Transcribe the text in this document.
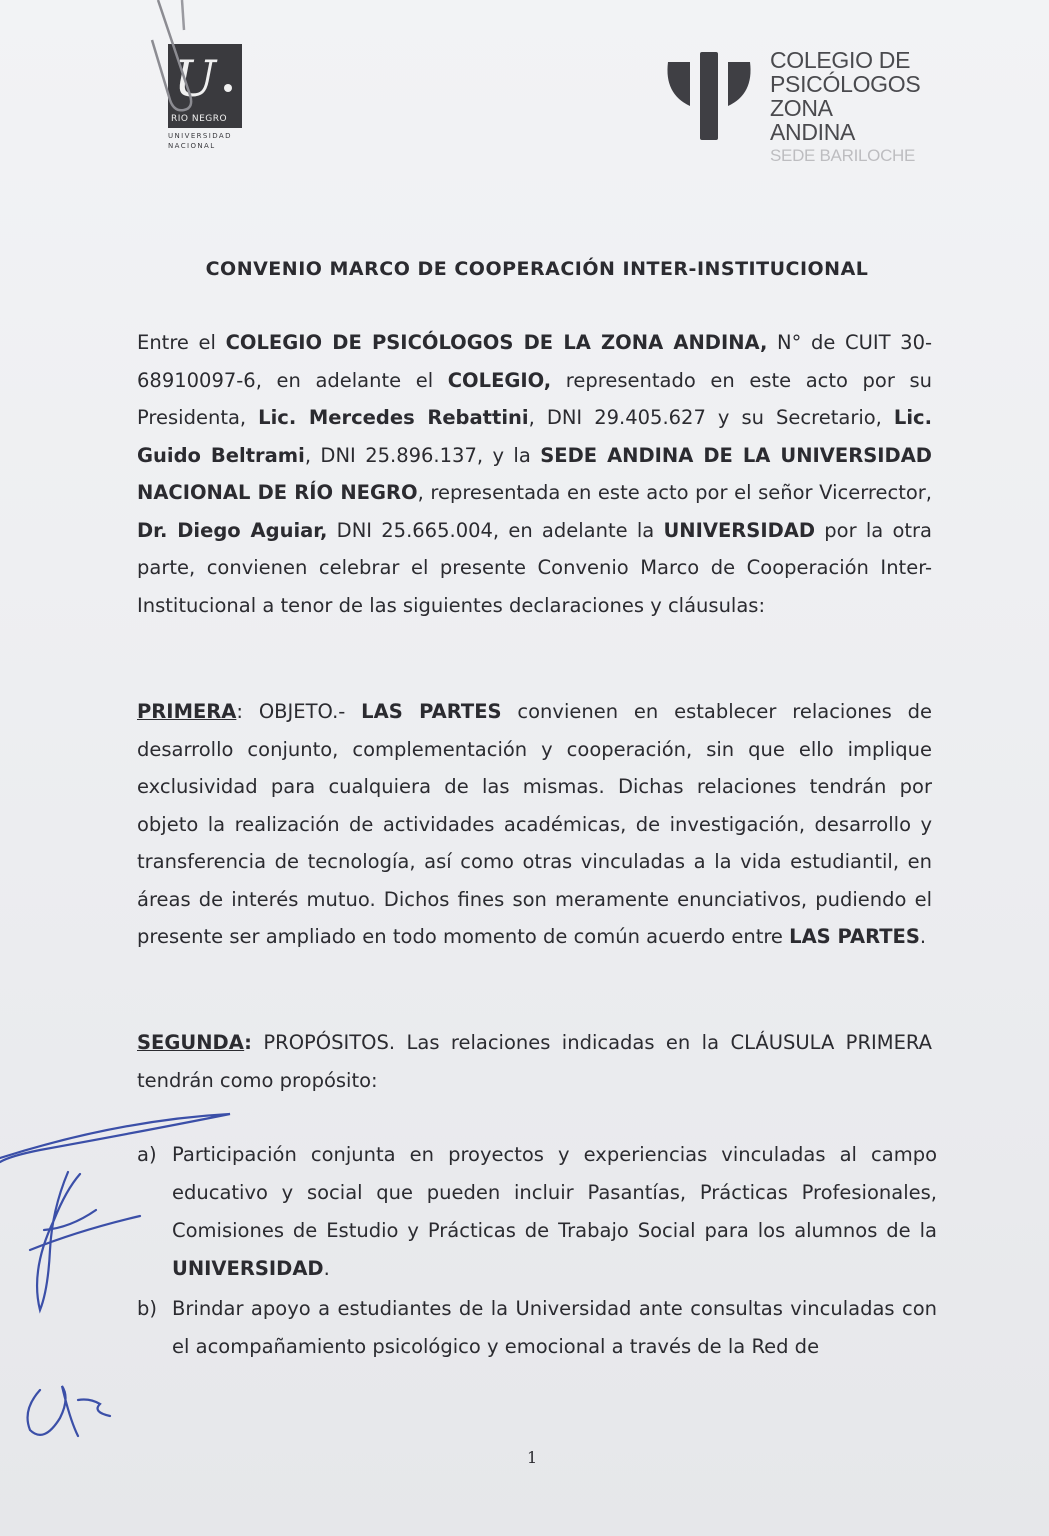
U
RIO NEGRO
UNIVERSIDAD
NACIONAL
COLEGIO DE
PSICÓLOGOS
ZONA ANDINA
SEDE BARILOCHE
CONVENIO MARCO DE COOPERACIÓN INTER-INSTITUCIONAL
Entre el COLEGIO DE PSICÓLOGOS DE LA ZONA ANDINA, N° de CUIT 30-68910097-6, en adelante el COLEGIO, representado en este acto por su Presidenta, Lic. Mercedes Rebattini, DNI 29.405.627 y su Secretario, Lic. Guido Beltrami, DNI 25.896.137, y la SEDE ANDINA DE LA UNIVERSIDAD NACIONAL DE RÍO NEGRO, representada en este acto por el señor Vicerrector, Dr. Diego Aguiar, DNI 25.665.004, en adelante la UNIVERSIDAD por la otra parte, convienen celebrar el presente Convenio Marco de Cooperación Inter-Institucional a tenor de las siguientes declaraciones y cláusulas:
PRIMERA: OBJETO.- LAS PARTES convienen en establecer relaciones de desarrollo conjunto, complementación y cooperación, sin que ello implique exclusividad para cualquiera de las mismas. Dichas relaciones tendrán por objeto la realización de actividades académicas, de investigación, desarrollo y transferencia de tecnología, así como otras vinculadas a la vida estudiantil, en áreas de interés mutuo. Dichos fines son meramente enunciativos, pudiendo el presente ser ampliado en todo momento de común acuerdo entre LAS PARTES.
SEGUNDA: PROPÓSITOS. Las relaciones indicadas en la CLÁUSULA PRIMERA tendrán como propósito:
a) Participación conjunta en proyectos y experiencias vinculadas al campo educativo y social que pueden incluir Pasantías, Prácticas Profesionales, Comisiones de Estudio y Prácticas de Trabajo Social para los alumnos de la UNIVERSIDAD.
b) Brindar apoyo a estudiantes de la Universidad ante consultas vinculadas con el acompañamiento psicológico y emocional a través de la Red de
1
